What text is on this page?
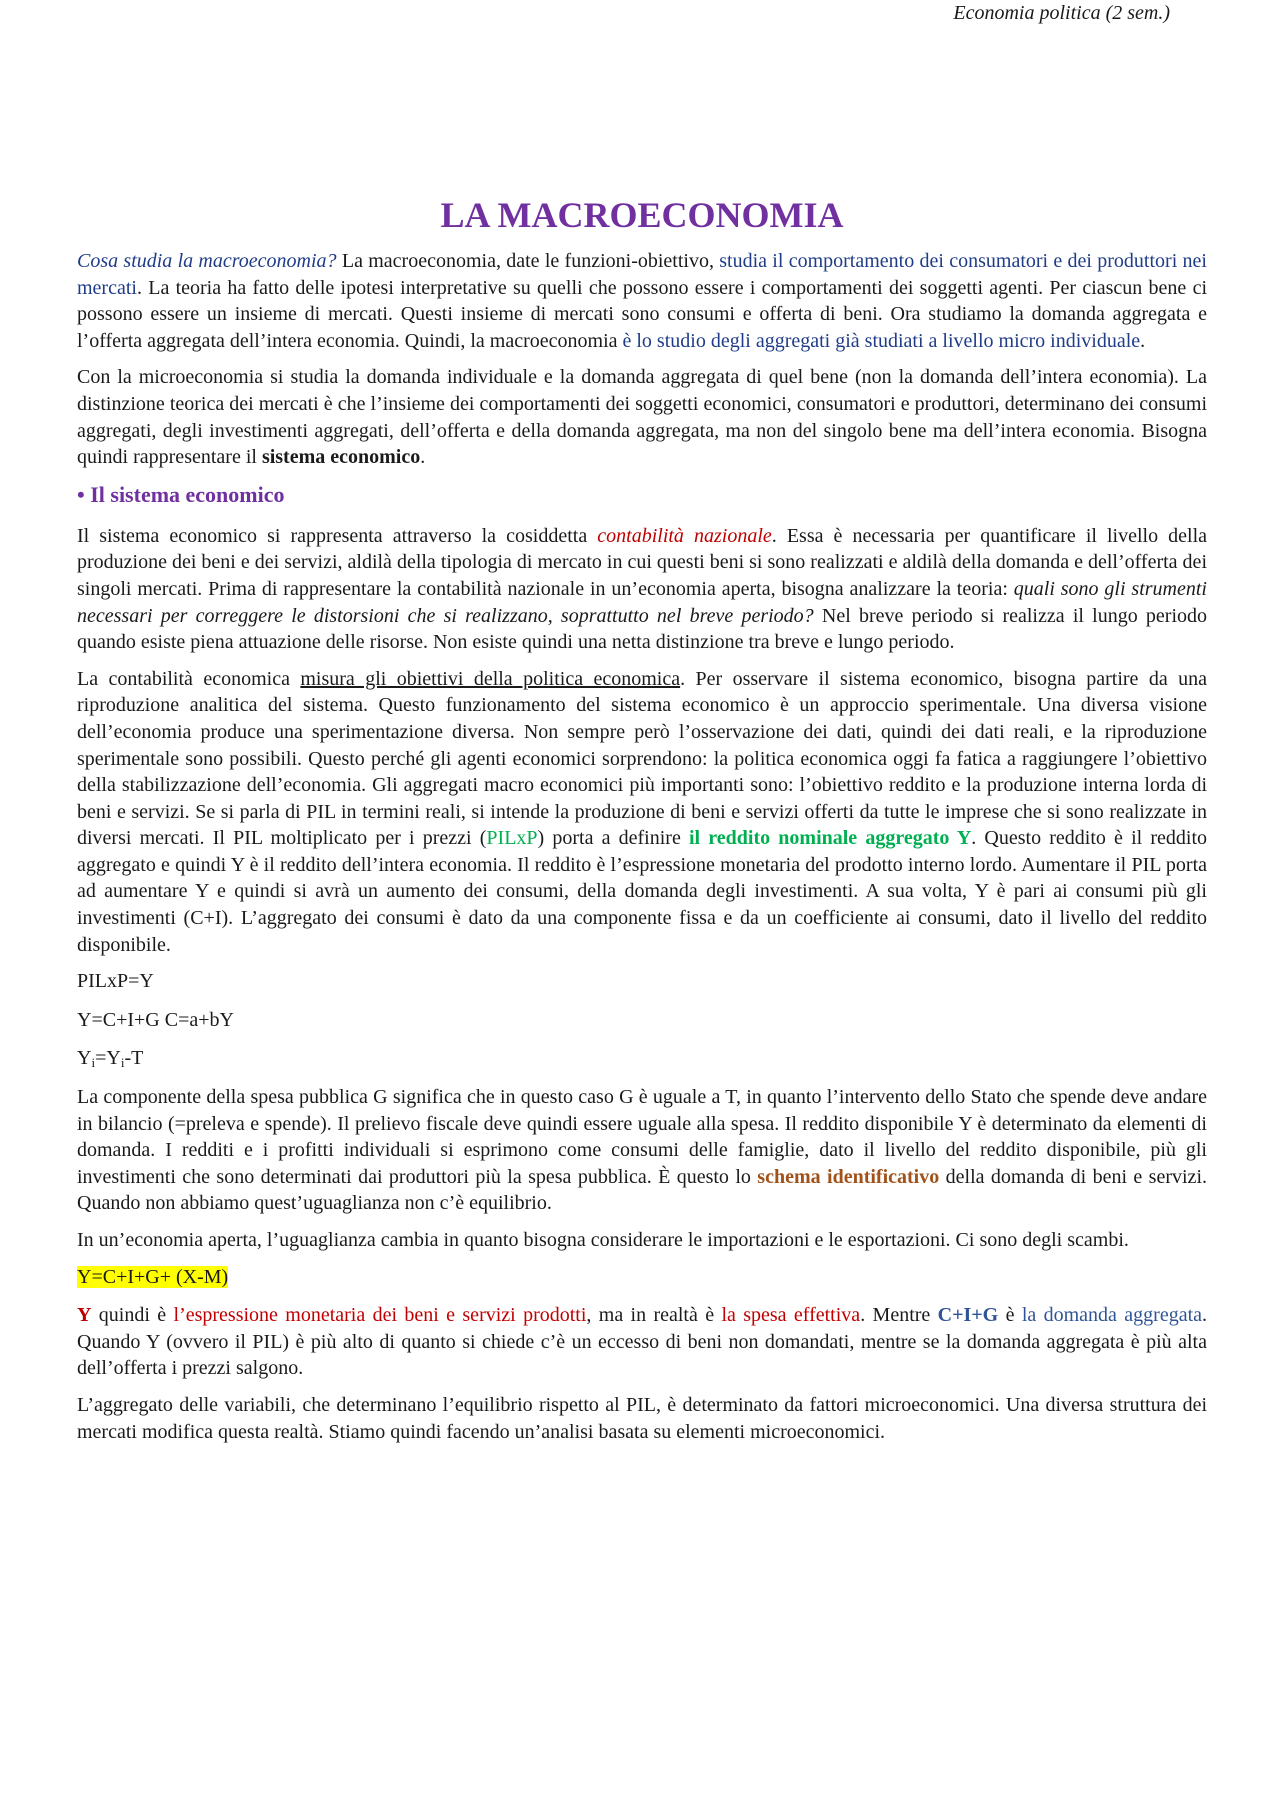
Economia politica (2 sem.)
LA MACROECONOMIA

Cosa studia la macroeconomia? La macroeconomia, date le funzioni-obiettivo, studia il comportamento dei consumatori e dei produttori nei mercati. La teoria ha fatto delle ipotesi interpretative su quelli che possono essere i comportamenti dei soggetti agenti. Per ciascun bene ci possono essere un insieme di mercati. Questi insieme di mercati sono consumi e offerta di beni. Ora studiamo la domanda aggregata e l’offerta aggregata dell’intera economia. Quindi, la macroeconomia è lo studio degli aggregati già studiati a livello micro individuale.

Con la microeconomia si studia la domanda individuale e la domanda aggregata di quel bene (non la domanda dell’intera economia). La distinzione teorica dei mercati è che l’insieme dei comportamenti dei soggetti economici, consumatori e produttori, determinano dei consumi aggregati, degli investimenti aggregati, dell’offerta e della domanda aggregata, ma non del singolo bene ma dell’intera economia. Bisogna quindi rappresentare il sistema economico.

• Il sistema economico

Il sistema economico si rappresenta attraverso la cosiddetta contabilità nazionale. Essa è necessaria per quantificare il livello della produzione dei beni e dei servizi, aldilà della tipologia di mercato in cui questi beni si sono realizzati e aldilà della domanda e dell’offerta dei singoli mercati. Prima di rappresentare la contabilità nazionale in un’economia aperta, bisogna analizzare la teoria: quali sono gli strumenti necessari per correggere le distorsioni che si realizzano, soprattutto nel breve periodo? Nel breve periodo si realizza il lungo periodo quando esiste piena attuazione delle risorse. Non esiste quindi una netta distinzione tra breve e lungo periodo.

La contabilità economica misura gli obiettivi della politica economica. Per osservare il sistema economico, bisogna partire da una riproduzione analitica del sistema. Questo funzionamento del sistema economico è un approccio sperimentale. Una diversa visione dell’economia produce una sperimentazione diversa. Non sempre però l’osservazione dei dati, quindi dei dati reali, e la riproduzione sperimentale sono possibili. Questo perché gli agenti economici sorprendono: la politica economica oggi fa fatica a raggiungere l’obiettivo della stabilizzazione dell’economia. Gli aggregati macro economici più importanti sono: l’obiettivo reddito e la produzione interna lorda di beni e servizi. Se si parla di PIL in termini reali, si intende la produzione di beni e servizi offerti da tutte le imprese che si sono realizzate in diversi mercati. Il PIL moltiplicato per i prezzi (PILxP) porta a definire il reddito nominale aggregato Y. Questo reddito è il reddito aggregato e quindi Y è il reddito dell’intera economia. Il reddito è l’espressione monetaria del prodotto interno lordo. Aumentare il PIL porta ad aumentare Y e quindi si avrà un aumento dei consumi, della domanda degli investimenti. A sua volta, Y è pari ai consumi più gli investimenti (C+I). L’aggregato dei consumi è dato da una componente fissa e da un coefficiente ai consumi, dato il livello del reddito disponibile.

PILxP=Y

Y=C+I+G C=a+bY

$Y_i=Y_i-T$

La componente della spesa pubblica G significa che in questo caso G è uguale a T, in quanto l’intervento dello Stato che spende deve andare in bilancio (=preleva e spende). Il prelievo fiscale deve quindi essere uguale alla spesa. Il reddito disponibile Y è determinato da elementi di domanda. I redditi e i profitti individuali si esprimono come consumi delle famiglie, dato il livello del reddito disponibile, più gli investimenti che sono determinati dai produttori più la spesa pubblica. È questo lo schema identificativo della domanda di beni e servizi. Quando non abbiamo quest’uguaglianza non c’è equilibrio.

In un’economia aperta, l’uguaglianza cambia in quanto bisogna considerare le importazioni e le esportazioni. Ci sono degli scambi.

Y=C+I+G+ (X-M)

Y quindi è l’espressione monetaria dei beni e servizi prodotti, ma in realtà è la spesa effettiva. Mentre C+I+G è la domanda aggregata. Quando Y (ovvero il PIL) è più alto di quanto si chiede c’è un eccesso di beni non domandati, mentre se la domanda aggregata è più alta dell’offerta i prezzi salgono.

L’aggregato delle variabili, che determinano l’equilibrio rispetto al PIL, è determinato da fattori microeconomici. Una diversa struttura dei mercati modifica questa realtà. Stiamo quindi facendo un’analisi basata su elementi microeconomici.
